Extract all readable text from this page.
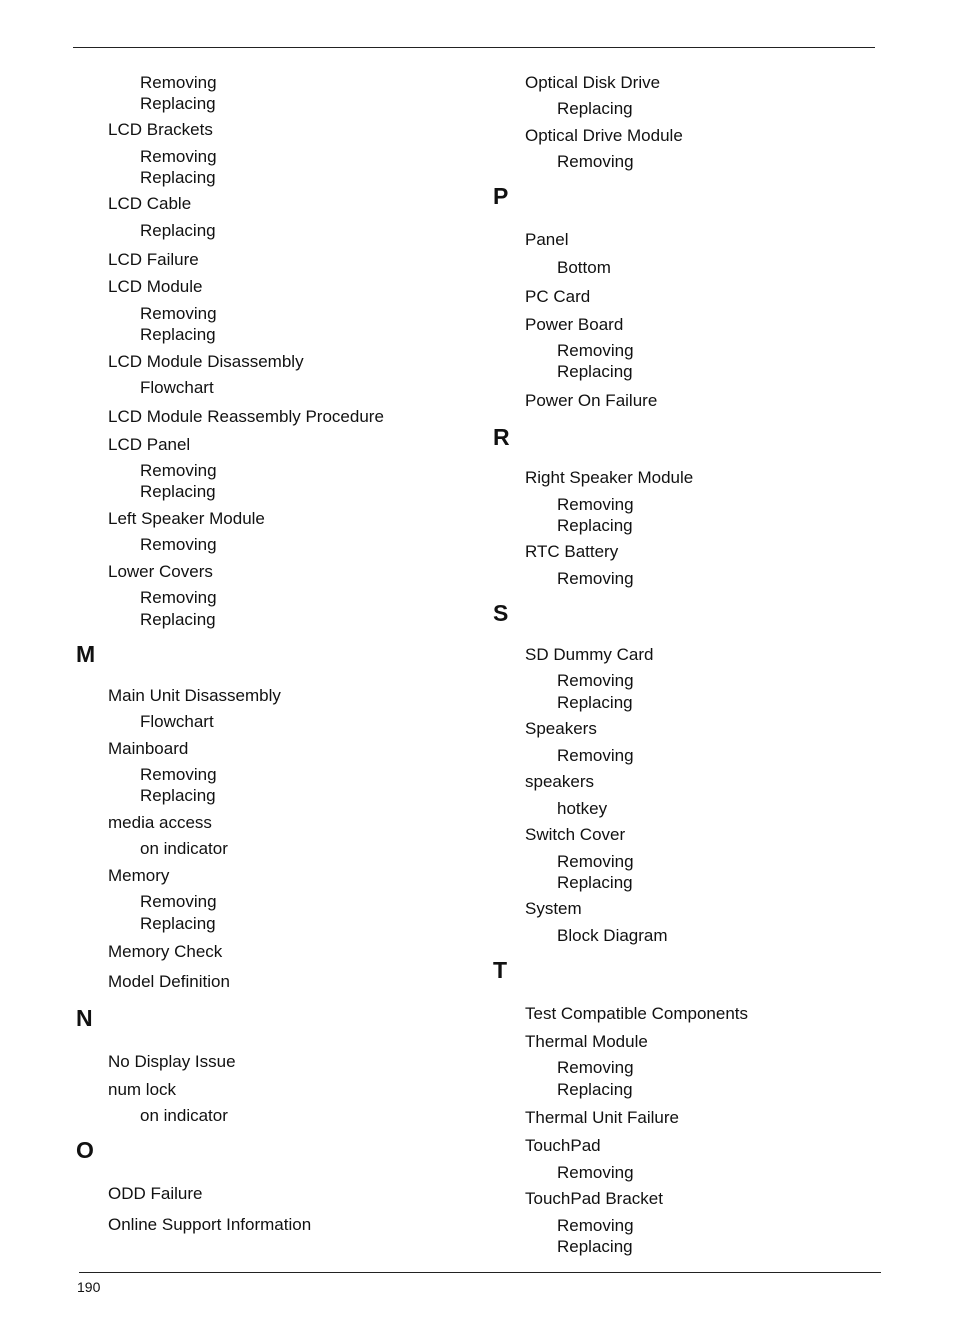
Removing
Replacing
LCD Brackets
Removing
Replacing
LCD Cable
Replacing
LCD Failure
LCD Module
Removing
Replacing
LCD Module Disassembly
Flowchart
LCD Module Reassembly Procedure
LCD Panel
Removing
Replacing
Left Speaker Module
Removing
Lower Covers
Removing
Replacing
M
Main Unit Disassembly
Flowchart
Mainboard
Removing
Replacing
media access
on indicator
Memory
Removing
Replacing
Memory Check
Model Definition
N
No Display Issue
num lock
on indicator
O
ODD Failure
Online Support Information
Optical Disk Drive
Replacing
Optical Drive Module
Removing
P
Panel
Bottom
PC Card
Power Board
Removing
Replacing
Power On Failure
R
Right Speaker Module
Removing
Replacing
RTC Battery
Removing
S
SD Dummy Card
Removing
Replacing
Speakers
Removing
speakers
hotkey
Switch Cover
Removing
Replacing
System
Block Diagram
T
Test Compatible Components
Thermal Module
Removing
Replacing
Thermal Unit Failure
TouchPad
Removing
TouchPad Bracket
Removing
Replacing
190
